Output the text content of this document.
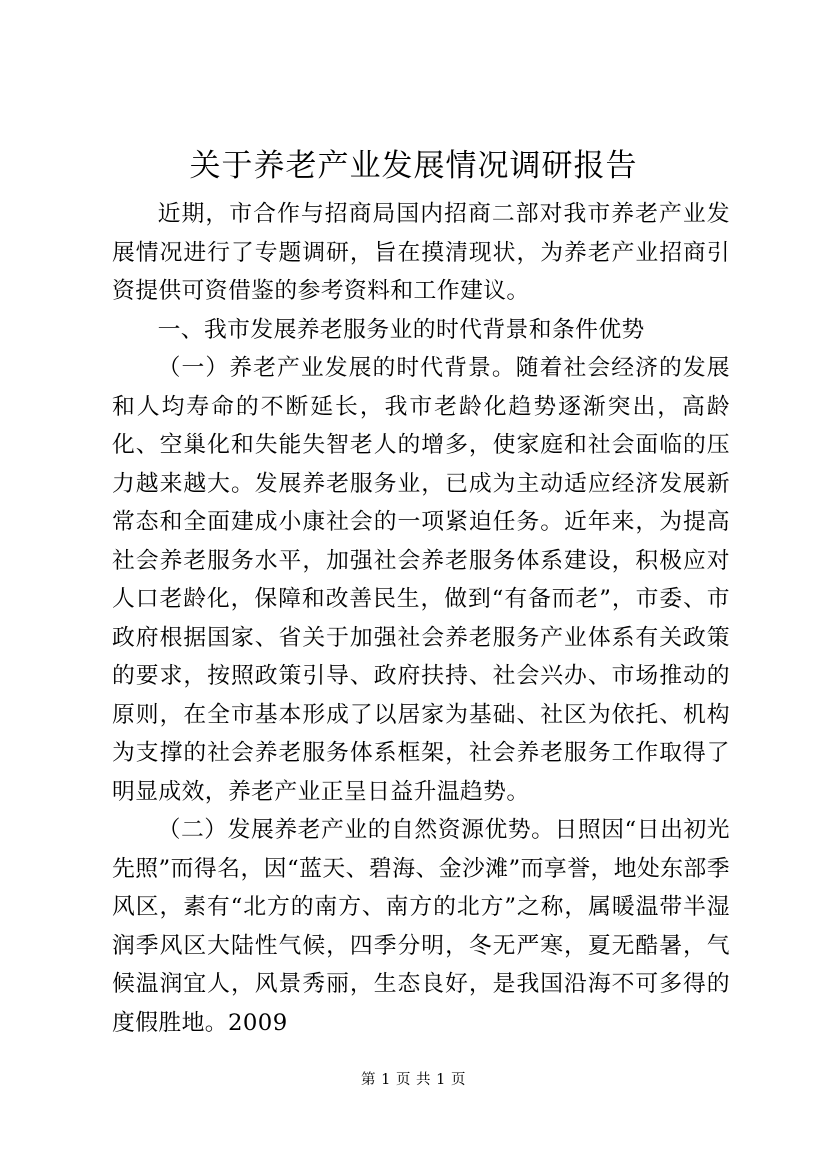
关于养老产业发展情况调研报告

近期，市合作与招商局国内招商二部对我市养老产业发展情况进行了专题调研，旨在摸清现状，为养老产业招商引资提供可资借鉴的参考资料和工作建议。

一、我市发展养老服务业的时代背景和条件优势

（一）养老产业发展的时代背景。随着社会经济的发展和人均寿命的不断延长，我市老龄化趋势逐渐突出，高龄化、空巢化和失能失智老人的增多，使家庭和社会面临的压力越来越大。发展养老服务业，已成为主动适应经济发展新常态和全面建成小康社会的一项紧迫任务。近年来，为提高社会养老服务水平，加强社会养老服务体系建设，积极应对人口老龄化，保障和改善民生，做到“有备而老”，市委、市政府根据国家、省关于加强社会养老服务产业体系有关政策的要求，按照政策引导、政府扶持、社会兴办、市场推动的原则，在全市基本形成了以居家为基础、社区为依托、机构为支撑的社会养老服务体系框架，社会养老服务工作取得了明显成效，养老产业正呈日益升温趋势。

（二）发展养老产业的自然资源优势。日照因“日出初光先照”而得名，因“蓝天、碧海、金沙滩”而享誉，地处东部季风区，素有“北方的南方、南方的北方”之称，属暖温带半湿润季风区大陆性气候，四季分明，冬无严寒，夏无酷暑，气候温润宜人，风景秀丽，生态良好，是我国沿海不可多得的度假胜地。2009

第 1 页 共 1 页
